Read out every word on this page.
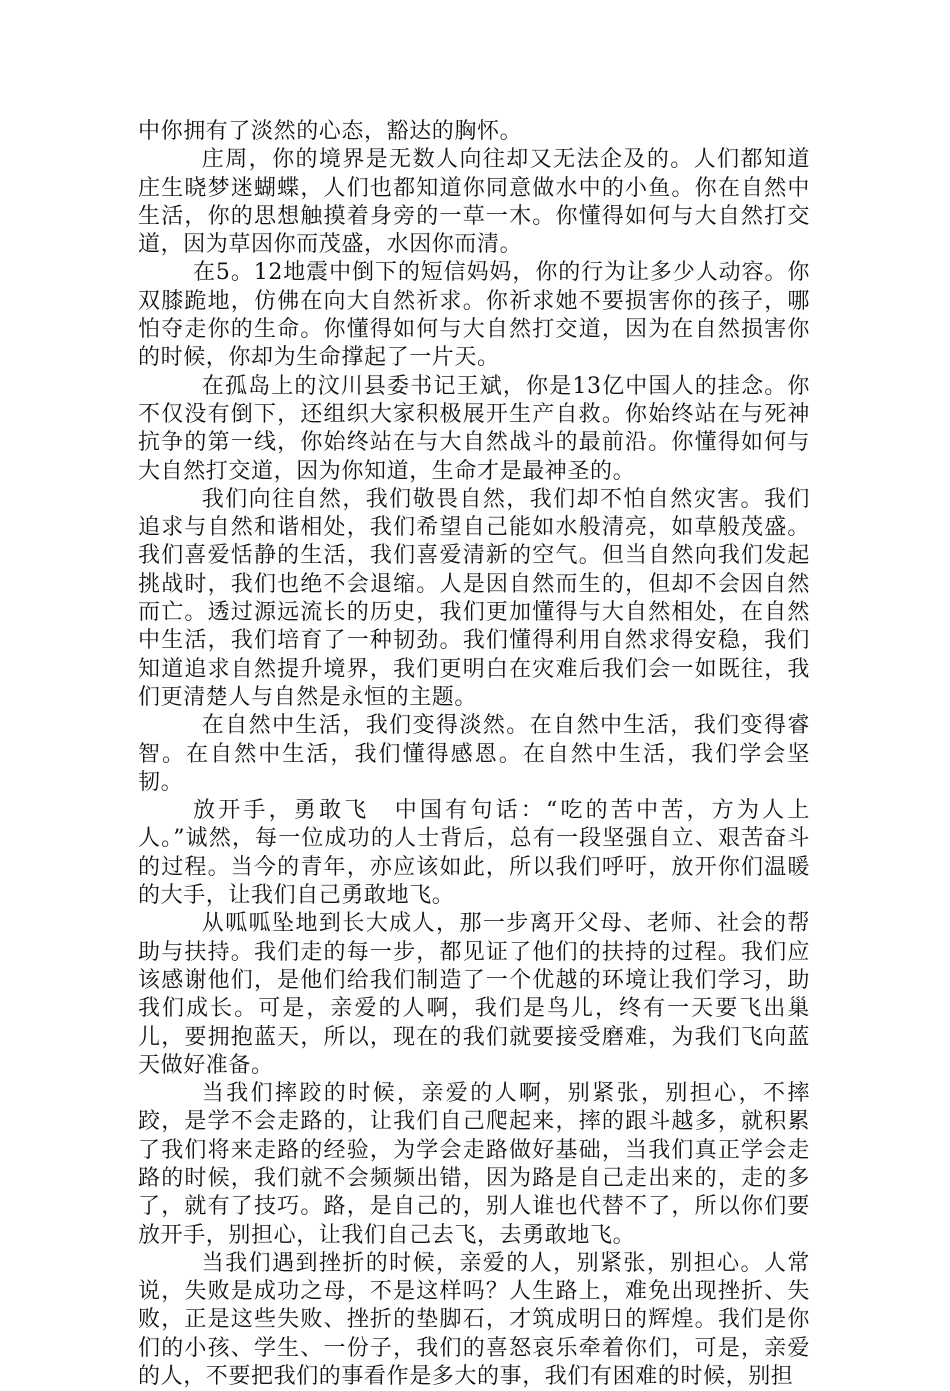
中你拥有了淡然的心态，豁达的胸怀。

庄周，你的境界是无数人向往却又无法企及的。人们都知道庄生晓梦迷蝴蝶，人们也都知道你同意做水中的小鱼。你在自然中生活，你的思想触摸着身旁的一草一木。你懂得如何与大自然打交道，因为草因你而茂盛，水因你而清。

在5。12地震中倒下的短信妈妈，你的行为让多少人动容。你双膝跪地，仿佛在向大自然祈求。你祈求她不要损害你的孩子，哪怕夺走你的生命。你懂得如何与大自然打交道，因为在自然损害你的时候，你却为生命撑起了一片天。

在孤岛上的汶川县委书记王斌，你是13亿中国人的挂念。你不仅没有倒下，还组织大家积极展开生产自救。你始终站在与死神抗争的第一线，你始终站在与大自然战斗的最前沿。你懂得如何与大自然打交道，因为你知道，生命才是最神圣的。

我们向往自然，我们敬畏自然，我们却不怕自然灾害。我们追求与自然和谐相处，我们希望自己能如水般清亮，如草般茂盛。我们喜爱恬静的生活，我们喜爱清新的空气。但当自然向我们发起挑战时，我们也绝不会退缩。人是因自然而生的，但却不会因自然而亡。透过源远流长的历史，我们更加懂得与大自然相处，在自然中生活，我们培育了一种韧劲。我们懂得利用自然求得安稳，我们知道追求自然提升境界，我们更明白在灾难后我们会一如既往，我们更清楚人与自然是永恒的主题。

在自然中生活，我们变得淡然。在自然中生活，我们变得睿智。在自然中生活，我们懂得感恩。在自然中生活，我们学会坚韧。

放开手，勇敢飞　中国有句话：“吃的苦中苦，方为人上人。”诚然，每一位成功的人士背后，总有一段坚强自立、艰苦奋斗的过程。当今的青年，亦应该如此，所以我们呼吁，放开你们温暖的大手，让我们自己勇敢地飞。

从呱呱坠地到长大成人，那一步离开父母、老师、社会的帮助与扶持。我们走的每一步，都见证了他们的扶持的过程。我们应该感谢他们，是他们给我们制造了一个优越的环境让我们学习，助我们成长。可是，亲爱的人啊，我们是鸟儿，终有一天要飞出巢儿，要拥抱蓝天，所以，现在的我们就要接受磨难，为我们飞向蓝天做好准备。

当我们摔跤的时候，亲爱的人啊，别紧张，别担心，不摔跤，是学不会走路的，让我们自己爬起来，摔的跟斗越多，就积累了我们将来走路的经验，为学会走路做好基础，当我们真正学会走路的时候，我们就不会频频出错，因为路是自己走出来的，走的多了，就有了技巧。路，是自己的，别人谁也代替不了，所以你们要放开手，别担心，让我们自己去飞，去勇敢地飞。

当我们遇到挫折的时候，亲爱的人，别紧张，别担心。人常说，失败是成功之母，不是这样吗？人生路上，难免出现挫折、失败，正是这些失败、挫折的垫脚石，才筑成明日的辉煌。我们是你们的小孩、学生、一份子，我们的喜怒哀乐牵着你们，可是，亲爱的人，不要把我们的事看作是多大的事，我们有困难的时候，别担
